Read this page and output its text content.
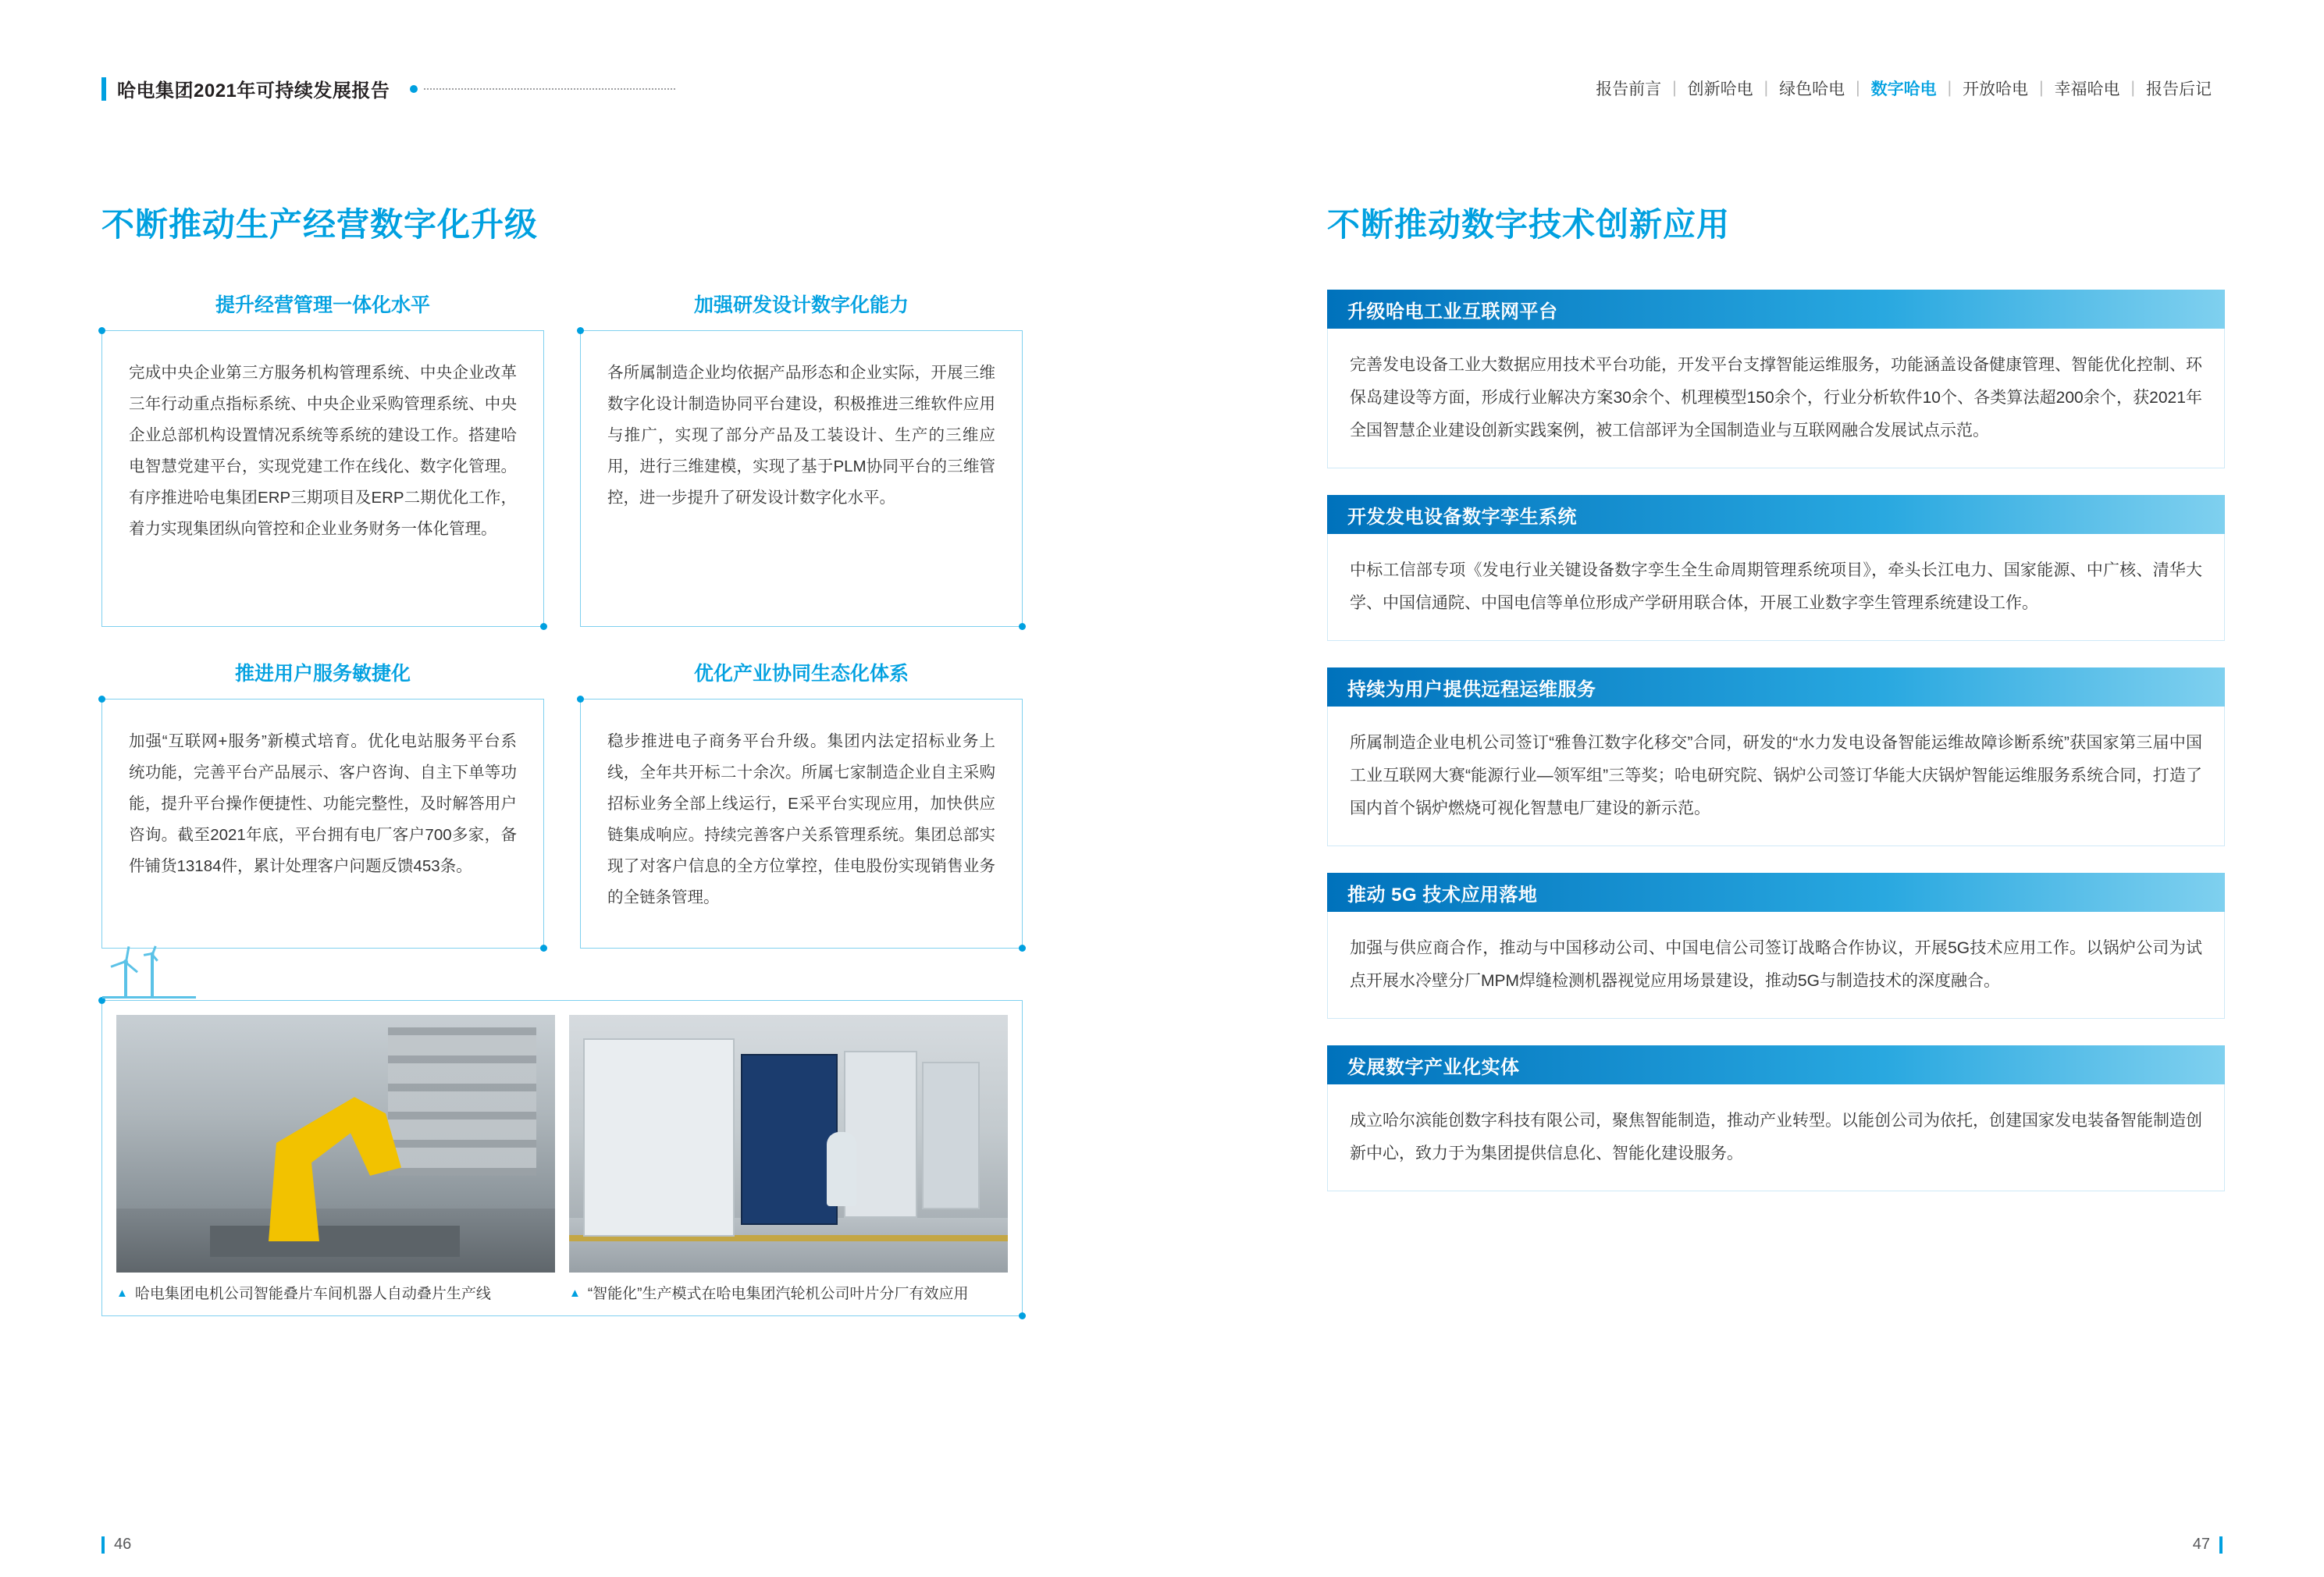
哈电集团2021年可持续发展报告	报告前言 | 创新哈电 | 绿色哈电 | 数字哈电 | 开放哈电 | 幸福哈电 | 报告后记
不断推动生产经营数字化升级
提升经营管理一体化水平

完成中央企业第三方服务机构管理系统、中央企业改革三年行动重点指标系统、中央企业采购管理系统、中央企业总部机构设置情况系统等系统的建设工作。搭建哈电智慧党建平台，实现党建工作在线化、数字化管理。有序推进哈电集团ERP三期项目及ERP二期优化工作，着力实现集团纵向管控和企业业务财务一体化管理。

加强研发设计数字化能力

各所属制造企业均依据产品形态和企业实际，开展三维数字化设计制造协同平台建设，积极推进三维软件应用与推广，实现了部分产品及工装设计、生产的三维应用，进行三维建模，实现了基于PLM协同平台的三维管控，进一步提升了研发设计数字化水平。

推进用户服务敏捷化

加强“互联网+服务”新模式培育。优化电站服务平台系统功能，完善平台产品展示、客户咨询、自主下单等功能，提升平台操作便捷性、功能完整性，及时解答用户咨询。截至2021年底，平台拥有电厂客户700多家，备件铺货13184件，累计处理客户问题反馈453条。

优化产业协同生态化体系

稳步推进电子商务平台升级。集团内法定招标业务上线，全年共开标二十余次。所属七家制造企业自主采购招标业务全部上线运行，E采平台实现应用，加快供应链集成响应。持续完善客户关系管理系统。集团总部实现了对客户信息的全方位掌控，佳电股份实现销售业务的全链条管理。

▲ 哈电集团电机公司智能叠片车间机器人自动叠片生产线	▲ “智能化”生产模式在哈电集团汽轮机公司叶片分厂有效应用
不断推动数字技术创新应用
升级哈电工业互联网平台

完善发电设备工业大数据应用技术平台功能，开发平台支撑智能运维服务，功能涵盖设备健康管理、智能优化控制、环保岛建设等方面，形成行业解决方案30余个、机理模型150余个，行业分析软件10个、各类算法超200余个，获2021年全国智慧企业建设创新实践案例，被工信部评为全国制造业与互联网融合发展试点示范。

开发发电设备数字孪生系统

中标工信部专项《发电行业关键设备数字孪生全生命周期管理系统项目》，牵头长江电力、国家能源、中广核、清华大学、中国信通院、中国电信等单位形成产学研用联合体，开展工业数字孪生管理系统建设工作。

持续为用户提供远程运维服务

所属制造企业电机公司签订“雅鲁江数字化移交”合同，研发的“水力发电设备智能运维故障诊断系统”获国家第三届中国工业互联网大赛“能源行业—领军组”三等奖；哈电研究院、锅炉公司签订华能大庆锅炉智能运维服务系统合同，打造了国内首个锅炉燃烧可视化智慧电厂建设的新示范。

推动 5G 技术应用落地

加强与供应商合作，推动与中国移动公司、中国电信公司签订战略合作协议，开展5G技术应用工作。以锅炉公司为试点开展水冷壁分厂MPM焊缝检测机器视觉应用场景建设，推动5G与制造技术的深度融合。

发展数字产业化实体

成立哈尔滨能创数字科技有限公司，聚焦智能制造，推动产业转型。以能创公司为依托，创建国家发电装备智能制造创新中心，致力于为集团提供信息化、智能化建设服务。

46	47
